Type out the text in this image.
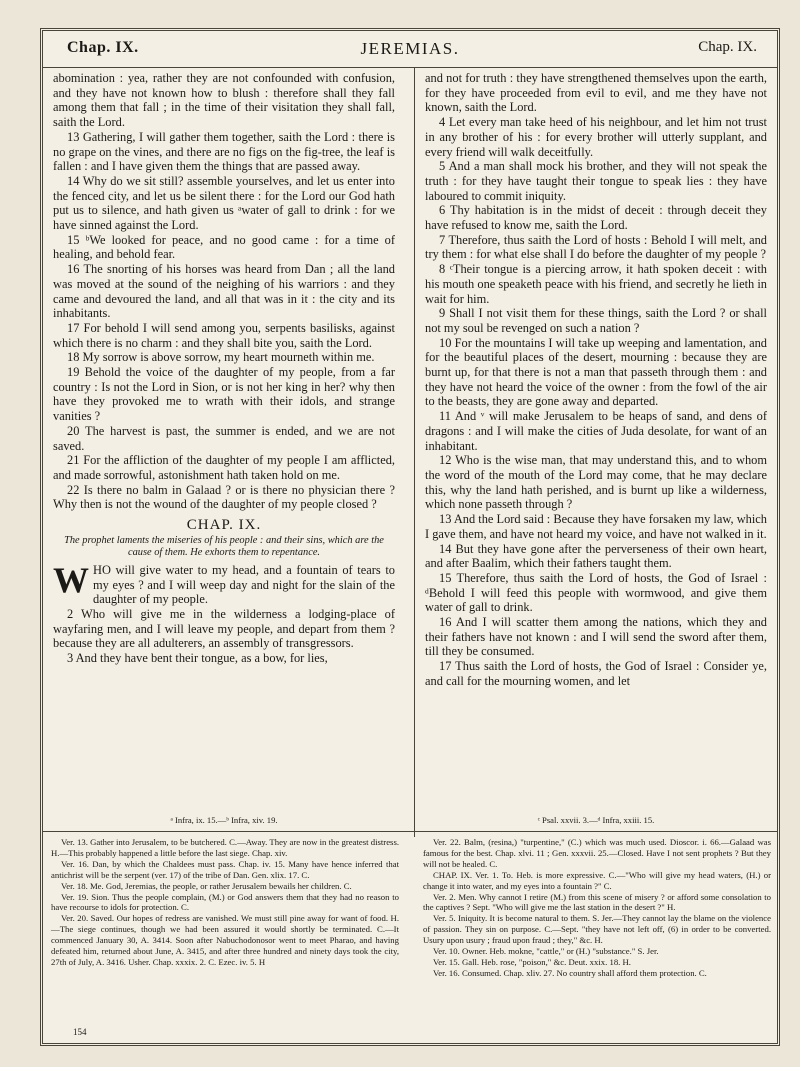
Chap. IX.	JEREMIAS.	Chap. IX.

abomination : yea, rather they are not confounded with confusion, and they have not known how to blush : therefore shall they fall among them that fall ; in the time of their visitation they shall fall, saith the Lord.

13 Gathering, I will gather them together, saith the Lord : there is no grape on the vines, and there are no figs on the fig-tree, the leaf is fallen : and I have given them the things that are passed away.

14 Why do we sit still? assemble yourselves, and let us enter into the fenced city, and let us be silent there : for the Lord our God hath put us to silence, and hath given us ᵃwater of gall to drink : for we have sinned against the Lord.

15 ᵇWe looked for peace, and no good came : for a time of healing, and behold fear.

16 The snorting of his horses was heard from Dan ; all the land was moved at the sound of the neighing of his warriors : and they came and devoured the land, and all that was in it : the city and its inhabitants.

17 For behold I will send among you, serpents basilisks, against which there is no charm : and they shall bite you, saith the Lord.

18 My sorrow is above sorrow, my heart mourneth within me.

19 Behold the voice of the daughter of my people, from a far country : Is not the Lord in Sion, or is not her king in her? why then have they provoked me to wrath with their idols, and strange vanities ?

20 The harvest is past, the summer is ended, and we are not saved.

21 For the affliction of the daughter of my people I am afflicted, and made sorrowful, astonishment hath taken hold on me.

22 Is there no balm in Galaad ? or is there no physician there ? Why then is not the wound of the daughter of my people closed ?

CHAP. IX.

The prophet laments the miseries of his people : and their sins, which are the cause of them. He exhorts them to repentance.

WHO will give water to my head, and a fountain of tears to my eyes ? and I will weep day and night for the slain of the daughter of my people.

2 Who will give me in the wilderness a lodging-place of wayfaring men, and I will leave my people, and depart from them ? because they are all adulterers, an assembly of transgressors.

3 And they have bent their tongue, as a bow, for lies,

and not for truth : they have strengthened themselves upon the earth, for they have proceeded from evil to evil, and me they have not known, saith the Lord.

4 Let every man take heed of his neighbour, and let him not trust in any brother of his : for every brother will utterly supplant, and every friend will walk deceitfully.

5 And a man shall mock his brother, and they will not speak the truth : for they have taught their tongue to speak lies : they have laboured to commit iniquity.

6 Thy habitation is in the midst of deceit : through deceit they have refused to know me, saith the Lord.

7 Therefore, thus saith the Lord of hosts : Behold I will melt, and try them : for what else shall I do before the daughter of my people ?

8 ᶜTheir tongue is a piercing arrow, it hath spoken deceit : with his mouth one speaketh peace with his friend, and secretly he lieth in wait for him.

9 Shall I not visit them for these things, saith the Lord ? or shall not my soul be revenged on such a nation ?

10 For the mountains I will take up weeping and lamentation, and for the beautiful places of the desert, mourning : because they are burnt up, for that there is not a man that passeth through them : and they have not heard the voice of the owner : from the fowl of the air to the beasts, they are gone away and departed.

11 And ᵛ will make Jerusalem to be heaps of sand, and dens of dragons : and I will make the cities of Juda desolate, for want of an inhabitant.

12 Who is the wise man, that may understand this, and to whom the word of the mouth of the Lord may come, that he may declare this, why the land hath perished, and is burnt up like a wilderness, which none passeth through ?

13 And the Lord said : Because they have forsaken my law, which I gave them, and have not heard my voice, and have not walked in it.

14 But they have gone after the perverseness of their own heart, and after Baalim, which their fathers taught them.

15 Therefore, thus saith the Lord of hosts, the God of Israel : ᵈBehold I will feed this people with wormwood, and give them water of gall to drink.

16 And I will scatter them among the nations, which they and their fathers have not known : and I will send the sword after them, till they be consumed.

17 Thus saith the Lord of hosts, the God of Israel : Consider ye, and call for the mourning women, and let

ᵃ Infra, ix. 15.—ᵇ Infra, xiv. 19.	ᶜ Psal. xxvii. 3.—ᵈ Infra, xxiii. 15.

Ver. 13. Gather into Jerusalem, to be butchered. C.—Away. They are now in the greatest distress. H.—This probably happened a little before the last siege. Chap. xiv.

Ver. 16. Dan, by which the Chaldees must pass. Chap. iv. 15. Many have hence inferred that antichrist will be the serpent (ver. 17) of the tribe of Dan. Gen. xlix. 17. C.

Ver. 18. Me. God, Jeremias, the people, or rather Jerusalem bewails her children. C.

Ver. 19. Sion. Thus the people complain, (M.) or God answers them that they had no reason to have recourse to idols for protection. C.

Ver. 20. Saved. Our hopes of redress are vanished. We must still pine away for want of food. H.—The siege continues, though we had been assured it would shortly be terminated. C.—It commenced January 30, A. 3414. Soon after Nabuchodonosor went to meet Pharao, and having defeated him, returned about June, A. 3415, and after three hundred and ninety days took the city, 27th of July, A. 3416. Usher. Chap. xxxix. 2. C. Ezec. iv. 5. H

Ver. 22. Balm, (resina,) "turpentine," (C.) which was much used. Dioscor. i. 66.—Galaad was famous for the best. Chap. xlvi. 11 ; Gen. xxxvii. 25.—Closed. Have I not sent prophets ? But they will not be healed. C.

CHAP. IX. Ver. 1. To. Heb. is more expressive. C.—"Who will give my head waters, (H.) or change it into water, and my eyes into a fountain ?" C.

Ver. 2. Men. Why cannot I retire (M.) from this scene of misery ? or afford some consolation to the captives ? Sept. "Who will give me the last station in the desert ?" H.

Ver. 5. Iniquity. It is become natural to them. S. Jer.—They cannot lay the blame on the violence of passion. They sin on purpose. C.—Sept. "they have not left off, (6) in order to be converted. Usury upon usury ; fraud upon fraud ; they," &c. H.

Ver. 10. Owner. Heb. mokne, "cattle," or (H.) "substance." S. Jer.

Ver. 15. Gall. Heb. rose, "poison," &c. Deut. xxix. 18. H.

Ver. 16. Consumed. Chap. xliv. 27. No country shall afford them protection. C.

154
